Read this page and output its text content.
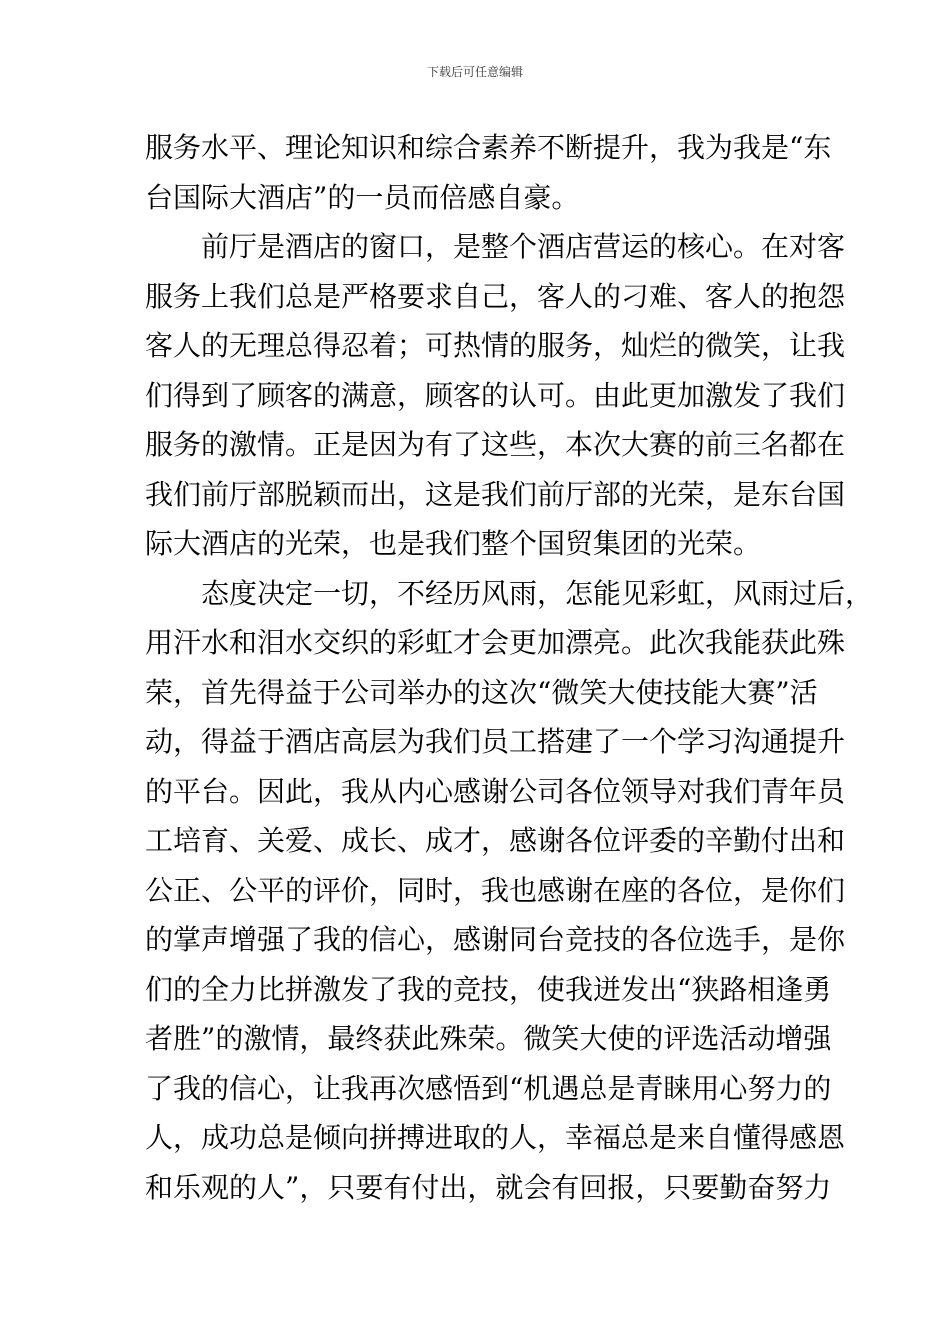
下载后可任意编辑
服务水平、理论知识和综合素养不断提升，我为我是“东
台国际大酒店”的一员而倍感自豪。
　　前厅是酒店的窗口，是整个酒店营运的核心。在对客
服务上我们总是严格要求自己，客人的刁难、客人的抱怨
客人的无理总得忍着；可热情的服务，灿烂的微笑，让我
们得到了顾客的满意，顾客的认可。由此更加激发了我们
服务的激情。正是因为有了这些，本次大赛的前三名都在
我们前厅部脱颖而出，这是我们前厅部的光荣，是东台国
际大酒店的光荣，也是我们整个国贸集团的光荣。
　　态度决定一切，不经历风雨，怎能见彩虹，风雨过后，
用汗水和泪水交织的彩虹才会更加漂亮。此次我能获此殊
荣，首先得益于公司举办的这次“微笑大使技能大赛”活
动，得益于酒店高层为我们员工搭建了一个学习沟通提升
的平台。因此，我从内心感谢公司各位领导对我们青年员
工培育、关爱、成长、成才，感谢各位评委的辛勤付出和
公正、公平的评价，同时，我也感谢在座的各位，是你们
的掌声增强了我的信心，感谢同台竞技的各位选手，是你
们的全力比拼激发了我的竞技，使我迸发出“狭路相逢勇
者胜”的激情，最终获此殊荣。微笑大使的评选活动增强
了我的信心，让我再次感悟到“机遇总是青睐用心努力的
人，成功总是倾向拼搏进取的人，幸福总是来自懂得感恩
和乐观的人”，只要有付出，就会有回报，只要勤奋努力
